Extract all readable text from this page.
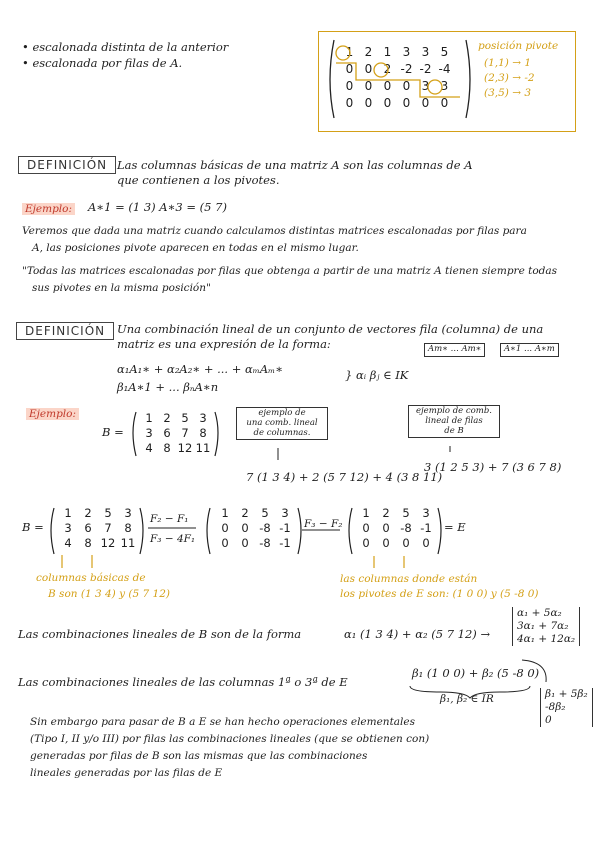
• escalonada distinta de la anterior
• escalonada por filas de A.
1 2 1 3 3 5
0 0 2 -2 -2 -4
0 0 0 0 3 3
0 0 0 0 0 0
posición pivote
(1,1) → 1
(2,3) → -2
(3,5) → 3
DEFINICIÓN Las columnas básicas de una matriz A son las columnas de A
que contienen a los pivotes.
Ejemplo: A∗1 = (1 3) A∗3 = (5 7)
Veremos que dada una matriz cuando calculamos distintas matrices escalonadas por filas para
A, las posiciones pivote aparecen en todas en el mismo lugar.
"Todas las matrices escalonadas por filas que obtenga a partir de una matriz A tienen siempre todas
sus pivotes en la misma posición"
DEFINICIÓN	Una combinación lineal de un conjunto de vectores fila (columna) de una
matriz es una expresión de la forma:	Am∗ ... Am∗	A∗1 ... A∗m
α₁A₁∗ + α₂A₂∗ + ... + αₘAₘ∗
β₁A∗1 + ... βₙA∗n
} αᵢ βⱼ ∈ IK
Ejemplo:
B =
1 2 5 3
3 6 7 8
4 8 12 11
ejemplo de
una comb. lineal
de columnas.
ejemplo de comb.
lineal de filas
de B
7 (1 3 4) + 2 (5 7 12) + 4 (3 8 11)
3 (1 2 5 3) + 7 (3 6 7 8)
B =
1 2 5 3
3 6 7 8
4 8 12 11
F₂ − F₁
F₃ − 4F₁
1 2 5 3
0 0 -8 -1
0 0 -8 -1
F₃ − F₂
1 2 5 3
0 0 -8 -1
0 0 0 0
= E
columnas básicas de
B son (1 3 4) y (5 7 12)
las columnas donde están
los pivotes de E son: (1 0 0) y (5 -8 0)
Las combinaciones lineales de B son de la forma	α₁ (1 3 4) + α₂ (5 7 12) →
α₁ + 5α₂
3α₁ + 7α₂
4α₁ + 12α₂
Las combinaciones lineales de las columnas 1ª o 3ª de E
β₁ (1 0 0) + β₂ (5 -8 0)
β₁, β₂ ∈ IR	β₁ + 5β₂
-8β₂
0
Sin embargo para pasar de B a E se han hecho operaciones elementales
(Tipo I, II y/o III) por filas las combinaciones lineales (que se obtienen con)
generadas por filas de B son las mismas que las combinaciones
lineales generadas por las filas de E
